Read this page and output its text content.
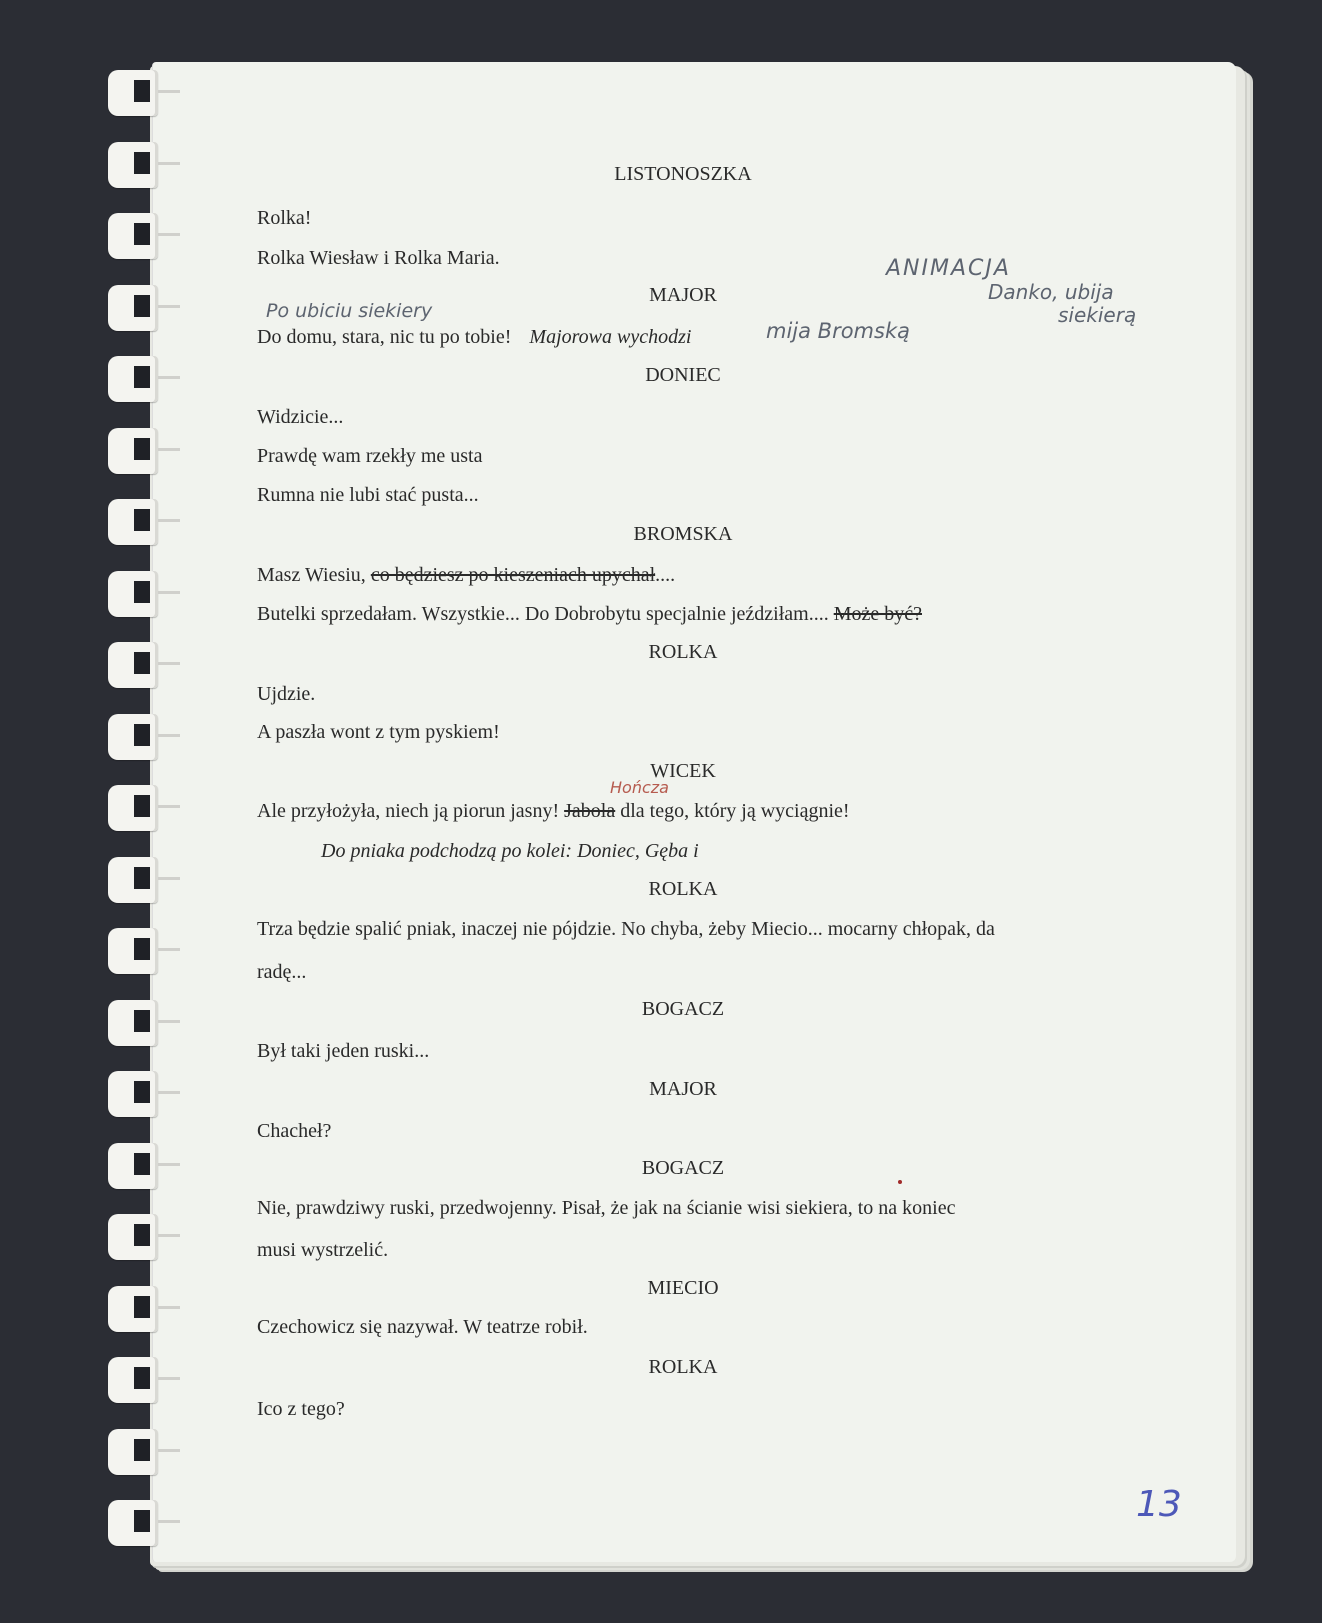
LISTONOSZKA
Rolka!
Rolka Wiesław i Rolka Maria.
MAJOR
Do domu, stara, nic tu po tobie! Majorowa wychodzi
DONIEC
Widzicie...
Prawdę wam rzekły me usta
Rumna nie lubi stać pusta...
BROMSKA
Masz Wiesiu, co będziesz po kieszeniach upychał....
Butelki sprzedałam. Wszystkie... Do Dobrobytu specjalnie jeździłam.... Może być?
ROLKA
Ujdzie.
A paszła wont z tym pyskiem!
WICEK
Ale przyłożyła, niech ją piorun jasny! Jabola dla tego, który ją wyciągnie!
Do pniaka podchodzą po kolei: Doniec, Gęba i
ROLKA
Trza będzie spalić pniak, inaczej nie pójdzie. No chyba, żeby Miecio... mocarny chłopak, da
radę...
BOGACZ
Był taki jeden ruski...
MAJOR
Chacheł?
BOGACZ
Nie, prawdziwy ruski, przedwojenny. Pisał, że jak na ścianie wisi siekiera, to na koniec
musi wystrzelić.
MIECIO
Czechowicz się nazywał. W teatrze robił.
ROLKA
Ico z tego?
ANIMACJA
Danko, ubija
siekierą
Po ubiciu siekiery
mija Bromską
Hończa
13
